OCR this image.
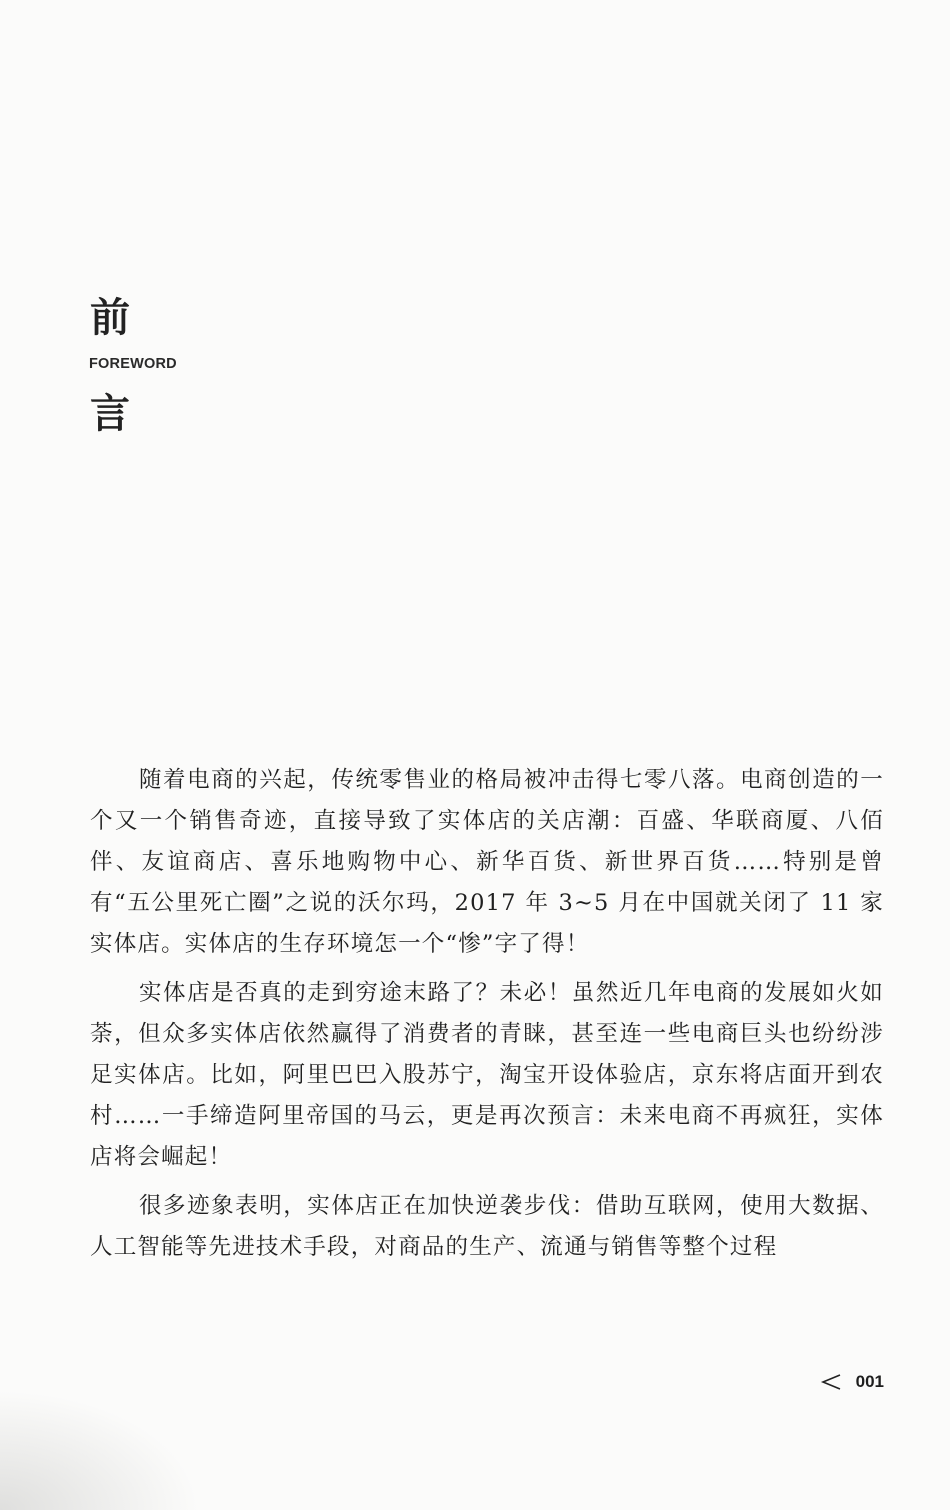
前
FOREWORD
言

随着电商的兴起，传统零售业的格局被冲击得七零八落。电商创造的一个又一个销售奇迹，直接导致了实体店的关店潮：百盛、华联商厦、八佰伴、友谊商店、喜乐地购物中心、新华百货、新世界百货……特别是曾有“五公里死亡圈”之说的沃尔玛，2017 年 3~5 月在中国就关闭了 11 家实体店。实体店的生存环境怎一个“惨”字了得！

实体店是否真的走到穷途末路了？未必！虽然近几年电商的发展如火如荼，但众多实体店依然赢得了消费者的青睐，甚至连一些电商巨头也纷纷涉足实体店。比如，阿里巴巴入股苏宁，淘宝开设体验店，京东将店面开到农村……一手缔造阿里帝国的马云，更是再次预言：未来电商不再疯狂，实体店将会崛起！

很多迹象表明，实体店正在加快逆袭步伐：借助互联网，使用大数据、人工智能等先进技术手段，对商品的生产、流通与销售等整个过程

001
